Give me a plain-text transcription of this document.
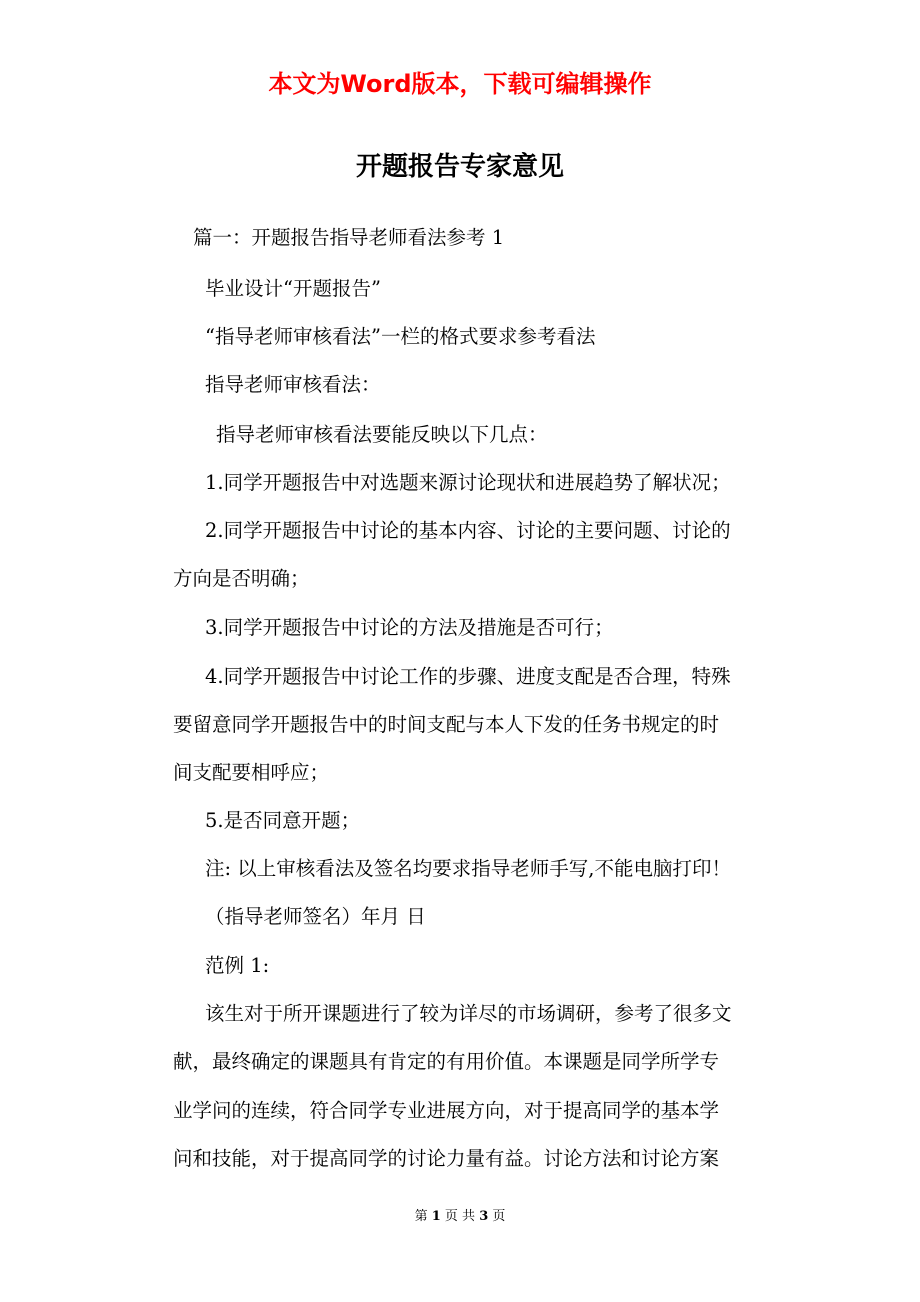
本文为Word版本，下载可编辑操作
开题报告专家意见

篇一：开题报告指导老师看法参考 1

毕业设计“开题报告”

“指导老师审核看法”一栏的格式要求参考看法

指导老师审核看法：

指导老师审核看法要能反映以下几点：

1.同学开题报告中对选题来源讨论现状和进展趋势了解状况；

2.同学开题报告中讨论的基本内容、讨论的主要问题、讨论的

方向是否明确；

3.同学开题报告中讨论的方法及措施是否可行；

4.同学开题报告中讨论工作的步骤、进度支配是否合理，特殊

要留意同学开题报告中的时间支配与本人下发的任务书规定的时

间支配要相呼应；

5.是否同意开题；

注: 以上审核看法及签名均要求指导老师手写,不能电脑打印！

（指导老师签名）年月 日

范例 1:

该生对于所开课题进行了较为详尽的市场调研，参考了很多文

献，最终确定的课题具有肯定的有用价值。本课题是同学所学专

业学问的连续，符合同学专业进展方向，对于提高同学的基本学

问和技能，对于提高同学的讨论力量有益。讨论方法和讨论方案

第 1 页 共 3 页
